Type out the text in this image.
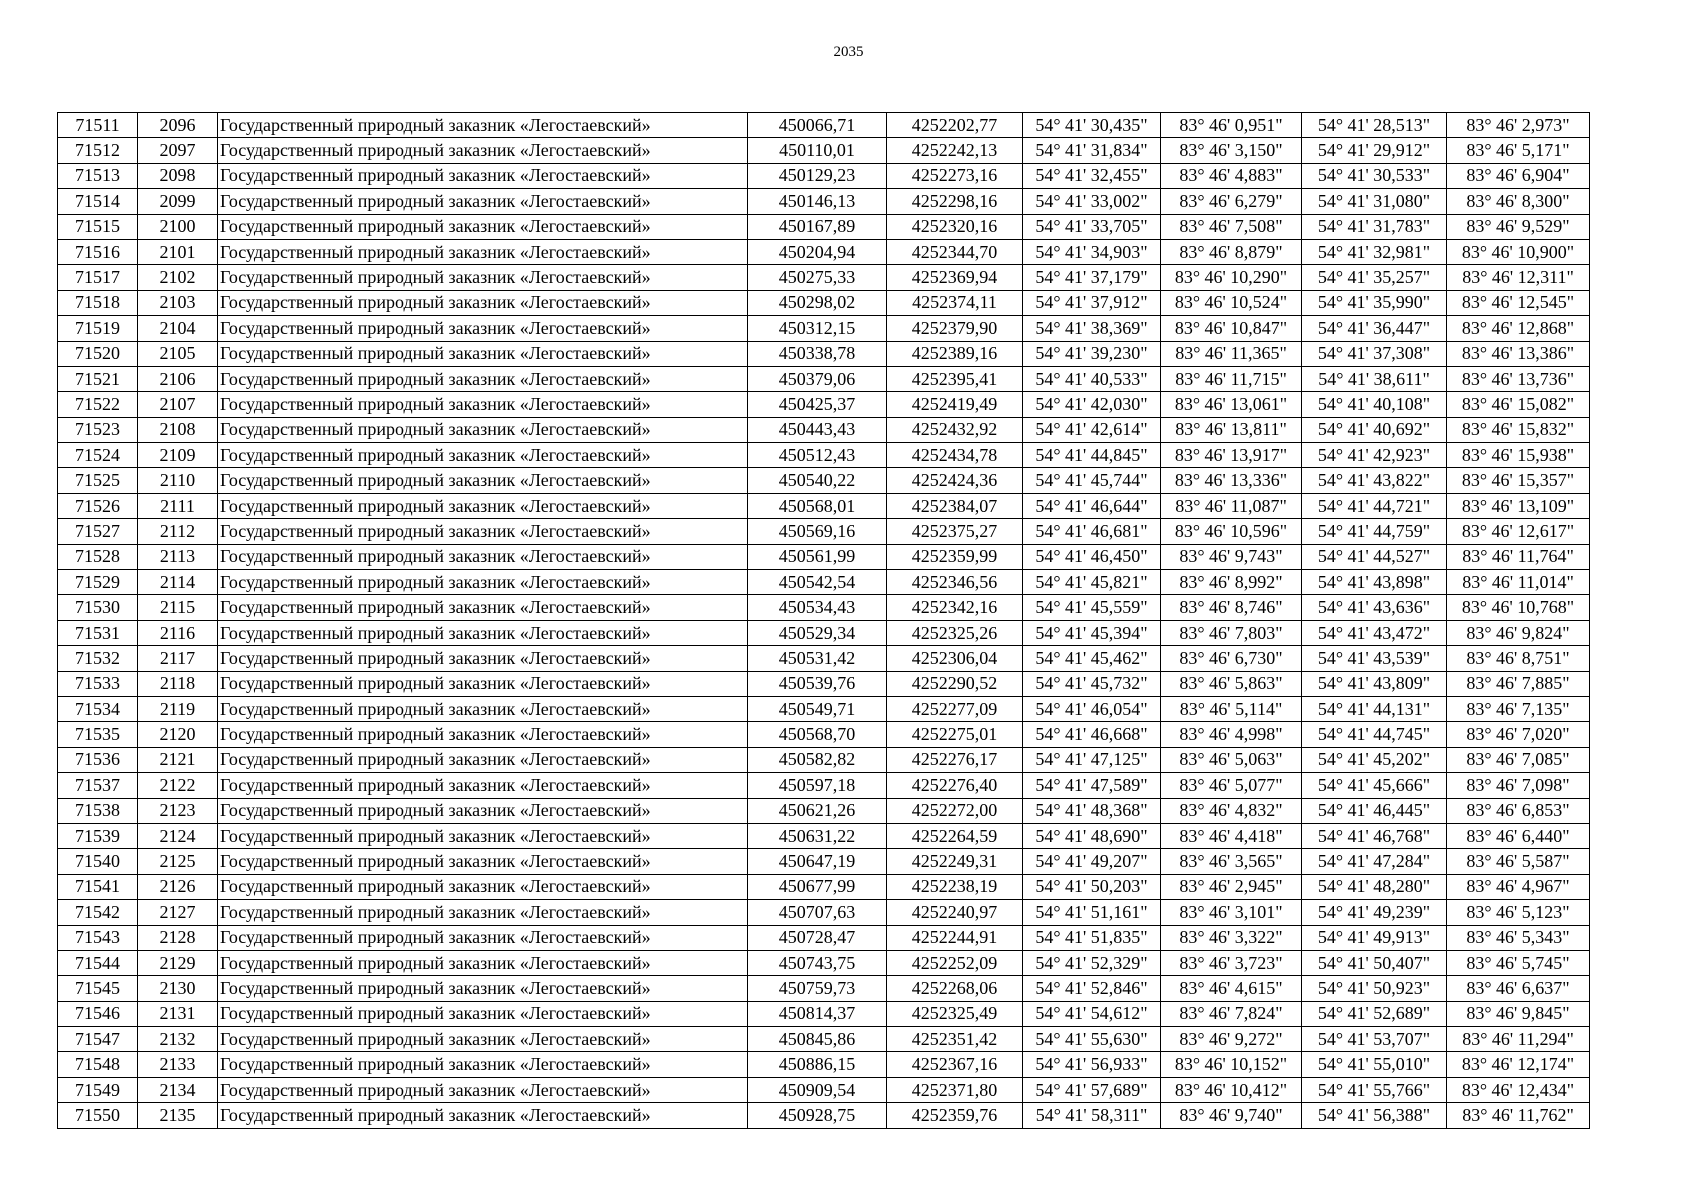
2035
71511	2096	Государственный природный заказник «Легостаевский»	450066,71	4252202,77	54° 41' 30,435"	83° 46' 0,951"	54° 41' 28,513"	83° 46' 2,973"
71512	2097	Государственный природный заказник «Легостаевский»	450110,01	4252242,13	54° 41' 31,834"	83° 46' 3,150"	54° 41' 29,912"	83° 46' 5,171"
71513	2098	Государственный природный заказник «Легостаевский»	450129,23	4252273,16	54° 41' 32,455"	83° 46' 4,883"	54° 41' 30,533"	83° 46' 6,904"
71514	2099	Государственный природный заказник «Легостаевский»	450146,13	4252298,16	54° 41' 33,002"	83° 46' 6,279"	54° 41' 31,080"	83° 46' 8,300"
71515	2100	Государственный природный заказник «Легостаевский»	450167,89	4252320,16	54° 41' 33,705"	83° 46' 7,508"	54° 41' 31,783"	83° 46' 9,529"
71516	2101	Государственный природный заказник «Легостаевский»	450204,94	4252344,70	54° 41' 34,903"	83° 46' 8,879"	54° 41' 32,981"	83° 46' 10,900"
71517	2102	Государственный природный заказник «Легостаевский»	450275,33	4252369,94	54° 41' 37,179"	83° 46' 10,290"	54° 41' 35,257"	83° 46' 12,311"
71518	2103	Государственный природный заказник «Легостаевский»	450298,02	4252374,11	54° 41' 37,912"	83° 46' 10,524"	54° 41' 35,990"	83° 46' 12,545"
71519	2104	Государственный природный заказник «Легостаевский»	450312,15	4252379,90	54° 41' 38,369"	83° 46' 10,847"	54° 41' 36,447"	83° 46' 12,868"
71520	2105	Государственный природный заказник «Легостаевский»	450338,78	4252389,16	54° 41' 39,230"	83° 46' 11,365"	54° 41' 37,308"	83° 46' 13,386"
71521	2106	Государственный природный заказник «Легостаевский»	450379,06	4252395,41	54° 41' 40,533"	83° 46' 11,715"	54° 41' 38,611"	83° 46' 13,736"
71522	2107	Государственный природный заказник «Легостаевский»	450425,37	4252419,49	54° 41' 42,030"	83° 46' 13,061"	54° 41' 40,108"	83° 46' 15,082"
71523	2108	Государственный природный заказник «Легостаевский»	450443,43	4252432,92	54° 41' 42,614"	83° 46' 13,811"	54° 41' 40,692"	83° 46' 15,832"
71524	2109	Государственный природный заказник «Легостаевский»	450512,43	4252434,78	54° 41' 44,845"	83° 46' 13,917"	54° 41' 42,923"	83° 46' 15,938"
71525	2110	Государственный природный заказник «Легостаевский»	450540,22	4252424,36	54° 41' 45,744"	83° 46' 13,336"	54° 41' 43,822"	83° 46' 15,357"
71526	2111	Государственный природный заказник «Легостаевский»	450568,01	4252384,07	54° 41' 46,644"	83° 46' 11,087"	54° 41' 44,721"	83° 46' 13,109"
71527	2112	Государственный природный заказник «Легостаевский»	450569,16	4252375,27	54° 41' 46,681"	83° 46' 10,596"	54° 41' 44,759"	83° 46' 12,617"
71528	2113	Государственный природный заказник «Легостаевский»	450561,99	4252359,99	54° 41' 46,450"	83° 46' 9,743"	54° 41' 44,527"	83° 46' 11,764"
71529	2114	Государственный природный заказник «Легостаевский»	450542,54	4252346,56	54° 41' 45,821"	83° 46' 8,992"	54° 41' 43,898"	83° 46' 11,014"
71530	2115	Государственный природный заказник «Легостаевский»	450534,43	4252342,16	54° 41' 45,559"	83° 46' 8,746"	54° 41' 43,636"	83° 46' 10,768"
71531	2116	Государственный природный заказник «Легостаевский»	450529,34	4252325,26	54° 41' 45,394"	83° 46' 7,803"	54° 41' 43,472"	83° 46' 9,824"
71532	2117	Государственный природный заказник «Легостаевский»	450531,42	4252306,04	54° 41' 45,462"	83° 46' 6,730"	54° 41' 43,539"	83° 46' 8,751"
71533	2118	Государственный природный заказник «Легостаевский»	450539,76	4252290,52	54° 41' 45,732"	83° 46' 5,863"	54° 41' 43,809"	83° 46' 7,885"
71534	2119	Государственный природный заказник «Легостаевский»	450549,71	4252277,09	54° 41' 46,054"	83° 46' 5,114"	54° 41' 44,131"	83° 46' 7,135"
71535	2120	Государственный природный заказник «Легостаевский»	450568,70	4252275,01	54° 41' 46,668"	83° 46' 4,998"	54° 41' 44,745"	83° 46' 7,020"
71536	2121	Государственный природный заказник «Легостаевский»	450582,82	4252276,17	54° 41' 47,125"	83° 46' 5,063"	54° 41' 45,202"	83° 46' 7,085"
71537	2122	Государственный природный заказник «Легостаевский»	450597,18	4252276,40	54° 41' 47,589"	83° 46' 5,077"	54° 41' 45,666"	83° 46' 7,098"
71538	2123	Государственный природный заказник «Легостаевский»	450621,26	4252272,00	54° 41' 48,368"	83° 46' 4,832"	54° 41' 46,445"	83° 46' 6,853"
71539	2124	Государственный природный заказник «Легостаевский»	450631,22	4252264,59	54° 41' 48,690"	83° 46' 4,418"	54° 41' 46,768"	83° 46' 6,440"
71540	2125	Государственный природный заказник «Легостаевский»	450647,19	4252249,31	54° 41' 49,207"	83° 46' 3,565"	54° 41' 47,284"	83° 46' 5,587"
71541	2126	Государственный природный заказник «Легостаевский»	450677,99	4252238,19	54° 41' 50,203"	83° 46' 2,945"	54° 41' 48,280"	83° 46' 4,967"
71542	2127	Государственный природный заказник «Легостаевский»	450707,63	4252240,97	54° 41' 51,161"	83° 46' 3,101"	54° 41' 49,239"	83° 46' 5,123"
71543	2128	Государственный природный заказник «Легостаевский»	450728,47	4252244,91	54° 41' 51,835"	83° 46' 3,322"	54° 41' 49,913"	83° 46' 5,343"
71544	2129	Государственный природный заказник «Легостаевский»	450743,75	4252252,09	54° 41' 52,329"	83° 46' 3,723"	54° 41' 50,407"	83° 46' 5,745"
71545	2130	Государственный природный заказник «Легостаевский»	450759,73	4252268,06	54° 41' 52,846"	83° 46' 4,615"	54° 41' 50,923"	83° 46' 6,637"
71546	2131	Государственный природный заказник «Легостаевский»	450814,37	4252325,49	54° 41' 54,612"	83° 46' 7,824"	54° 41' 52,689"	83° 46' 9,845"
71547	2132	Государственный природный заказник «Легостаевский»	450845,86	4252351,42	54° 41' 55,630"	83° 46' 9,272"	54° 41' 53,707"	83° 46' 11,294"
71548	2133	Государственный природный заказник «Легостаевский»	450886,15	4252367,16	54° 41' 56,933"	83° 46' 10,152"	54° 41' 55,010"	83° 46' 12,174"
71549	2134	Государственный природный заказник «Легостаевский»	450909,54	4252371,80	54° 41' 57,689"	83° 46' 10,412"	54° 41' 55,766"	83° 46' 12,434"
71550	2135	Государственный природный заказник «Легостаевский»	450928,75	4252359,76	54° 41' 58,311"	83° 46' 9,740"	54° 41' 56,388"	83° 46' 11,762"
